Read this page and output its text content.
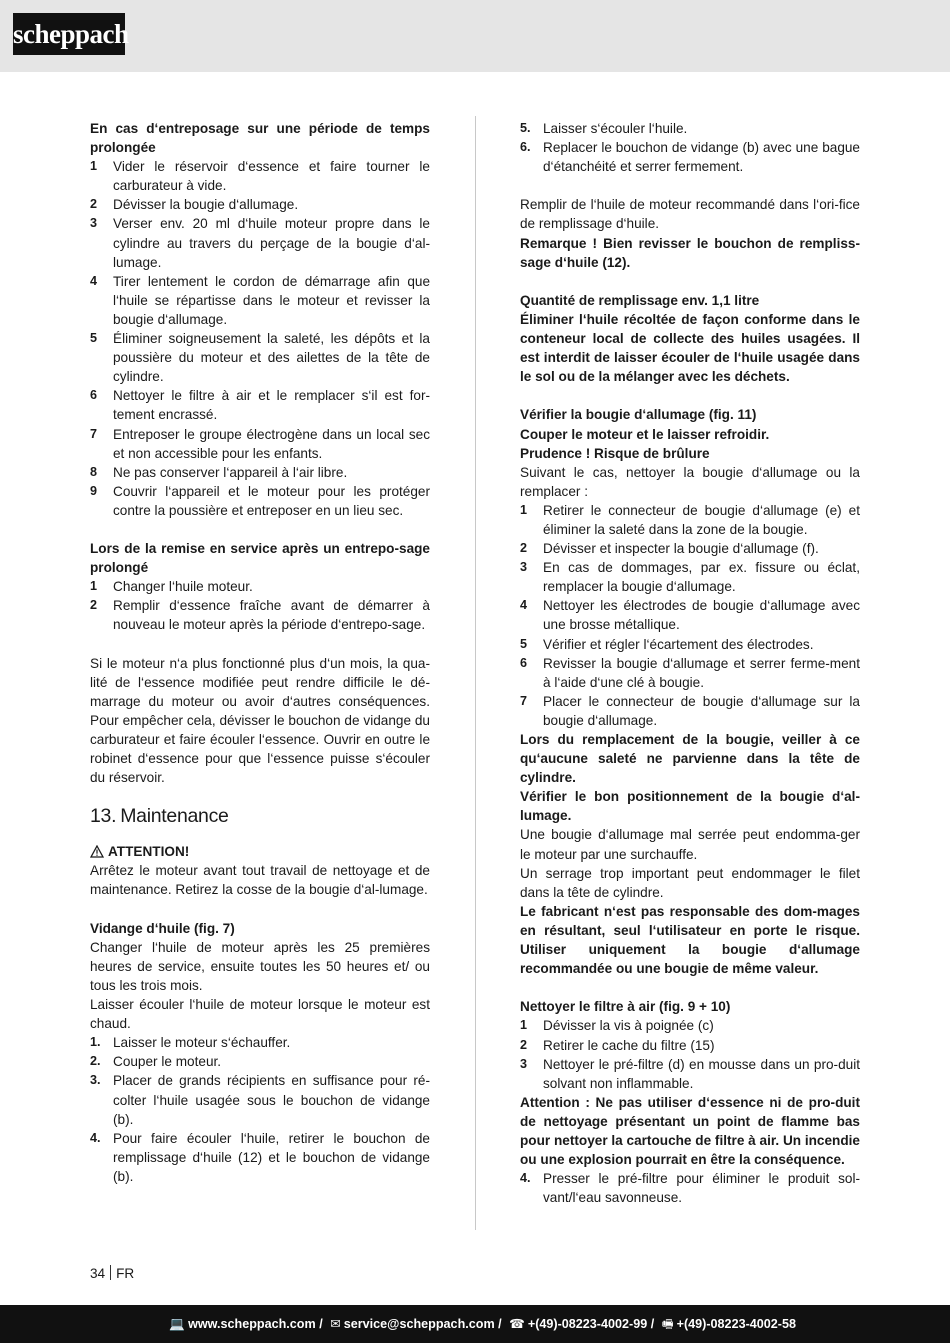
scheppach
En cas d‘entreposage sur une période de temps prolongée
1	Vider le réservoir d‘essence et faire tourner le carburateur à vide.
2	Dévisser la bougie d‘allumage.
3	Verser env. 20 ml d‘huile moteur propre dans le cylindre au travers du perçage de la bougie d‘al-lumage.
4	Tirer lentement le cordon de démarrage afin que l‘huile se répartisse dans le moteur et revisser la bougie d‘allumage.
5	Éliminer soigneusement la saleté, les dépôts et la poussière du moteur et des ailettes de la tête de cylindre.
6	Nettoyer le filtre à air et le remplacer s‘il est for-tement encrassé.
7	Entreposer le groupe électrogène dans un local sec et non accessible pour les enfants.
8	Ne pas conserver l‘appareil à l‘air libre.
9	Couvrir l‘appareil et le moteur pour les protéger contre la poussière et entreposer en un lieu sec.
Lors de la remise en service après un entrepo-sage prolongé
1	Changer l‘huile moteur.
2	Remplir d‘essence fraîche avant de démarrer à nouveau le moteur après la période d‘entrepo-sage.
Si le moteur n‘a plus fonctionné plus d‘un mois, la qua-lité de l‘essence modifiée peut rendre difficile le dé-marrage du moteur ou avoir d‘autres conséquences. Pour empêcher cela, dévisser le bouchon de vidange du carburateur et faire écouler l‘essence. Ouvrir en outre le robinet d‘essence pour que l‘essence puisse s‘écouler du réservoir.
13. Maintenance
ATTENTION!
Arrêtez le moteur avant tout travail de nettoyage et de maintenance. Retirez la cosse de la bougie d‘al-lumage.
Vidange d‘huile (fig. 7)
Changer l‘huile de moteur après les 25 premières heures de service, ensuite toutes les 50 heures et/ ou tous les trois mois.
Laisser écouler l‘huile de moteur lorsque le moteur est chaud.
1. Laisser le moteur s‘échauffer.
2. Couper le moteur.
3. Placer de grands récipients en suffisance pour ré-colter l‘huile usagée sous le bouchon de vidange (b).
4. Pour faire écouler l‘huile, retirer le bouchon de remplissage d‘huile (12) et le bouchon de vidange (b).
5. Laisser s‘écouler l‘huile.
6. Replacer le bouchon de vidange (b) avec une bague d‘étanchéité et serrer fermement.
Remplir de l‘huile de moteur recommandé dans l‘ori-fice de remplissage d‘huile.
Remarque ! Bien revisser le bouchon de rempliss-sage d‘huile (12).
Quantité de remplissage env. 1,1 litre
Éliminer l‘huile récoltée de façon conforme dans le conteneur local de collecte des huiles usagées. Il est interdit de laisser écouler de l‘huile usagée dans le sol ou de la mélanger avec les déchets.
Vérifier la bougie d‘allumage (fig. 11)
Couper le moteur et le laisser refroidir.
Prudence ! Risque de brûlure
Suivant le cas, nettoyer la bougie d‘allumage ou la remplacer :
1	Retirer le connecteur de bougie d‘allumage (e) et éliminer la saleté dans la zone de la bougie.
2	Dévisser et inspecter la bougie d‘allumage (f).
3	En cas de dommages, par ex. fissure ou éclat, remplacer la bougie d‘allumage.
4	Nettoyer les électrodes de bougie d‘allumage avec une brosse métallique.
5	Vérifier et régler l‘écartement des électrodes.
6	Revisser la bougie d‘allumage et serrer ferme-ment à l‘aide d‘une clé à bougie.
7	Placer le connecteur de bougie d‘allumage sur la bougie d‘allumage.
Lors du remplacement de la bougie, veiller à ce qu‘aucune saleté ne parvienne dans la tête de cylindre.
Vérifier le bon positionnement de la bougie d‘al-lumage.
Une bougie d‘allumage mal serrée peut endomma-ger le moteur par une surchauffe.
Un serrage trop important peut endommager le filet dans la tête de cylindre.
Le fabricant n‘est pas responsable des dom-mages en résultant, seul l‘utilisateur en porte le risque. Utiliser uniquement la bougie d‘allumage recommandée ou une bougie de même valeur.
Nettoyer le filtre à air (fig. 9 + 10)
1	Dévisser la vis à poignée (c)
2	Retirer le cache du filtre (15)
3	Nettoyer le pré-filtre (d) en mousse dans un pro-duit solvant non inflammable.
Attention : Ne pas utiliser d‘essence ni de pro-duit de nettoyage présentant un point de flamme bas pour nettoyer la cartouche de filtre à air. Un incendie ou une explosion pourrait en être la conséquence.
4. Presser le pré-filtre pour éliminer le produit sol-vant/l‘eau savonneuse.
34 FR
💻 www.scheppach.com / ✉ service@scheppach.com / ☎ +(49)-08223-4002-99 / 🖷 +(49)-08223-4002-58
